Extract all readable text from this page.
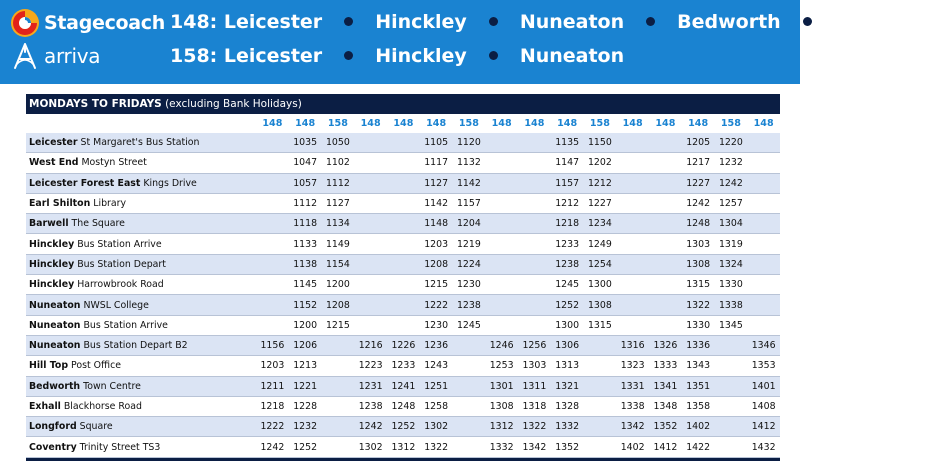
Stagecoach
arriva
148: Leicester	Hinckley	Nuneaton	Bedworth	Coventry
158: Leicester	Hinckley	Nuneaton
MONDAYS TO FRIDAYS (excluding Bank Holidays)
	148	148	158	148	148	148	158	148	148	148	158	148	148	148	158	148
Leicester St Margaret's Bus Station		1035	1050			1105	1120			1135	1150			1205	1220	
West End Mostyn Street		1047	1102			1117	1132			1147	1202			1217	1232	
Leicester Forest East Kings Drive		1057	1112			1127	1142			1157	1212			1227	1242	
Earl Shilton Library		1112	1127			1142	1157			1212	1227			1242	1257	
Barwell The Square		1118	1134			1148	1204			1218	1234			1248	1304	
Hinckley Bus Station Arrive		1133	1149			1203	1219			1233	1249			1303	1319	
Hinckley Bus Station Depart		1138	1154			1208	1224			1238	1254			1308	1324	
Hinckley Harrowbrook Road		1145	1200			1215	1230			1245	1300			1315	1330	
Nuneaton NWSL College		1152	1208			1222	1238			1252	1308			1322	1338	
Nuneaton Bus Station Arrive		1200	1215			1230	1245			1300	1315			1330	1345	
Nuneaton Bus Station Depart B2	1156	1206		1216	1226	1236		1246	1256	1306		1316	1326	1336		1346
Hill Top Post Office	1203	1213		1223	1233	1243		1253	1303	1313		1323	1333	1343		1353
Bedworth Town Centre	1211	1221		1231	1241	1251		1301	1311	1321		1331	1341	1351		1401
Exhall Blackhorse Road	1218	1228		1238	1248	1258		1308	1318	1328		1338	1348	1358		1408
Longford Square	1222	1232		1242	1252	1302		1312	1322	1332		1342	1352	1402		1412
Coventry Trinity Street TS3	1242	1252		1302	1312	1322		1332	1342	1352		1402	1412	1422		1432
